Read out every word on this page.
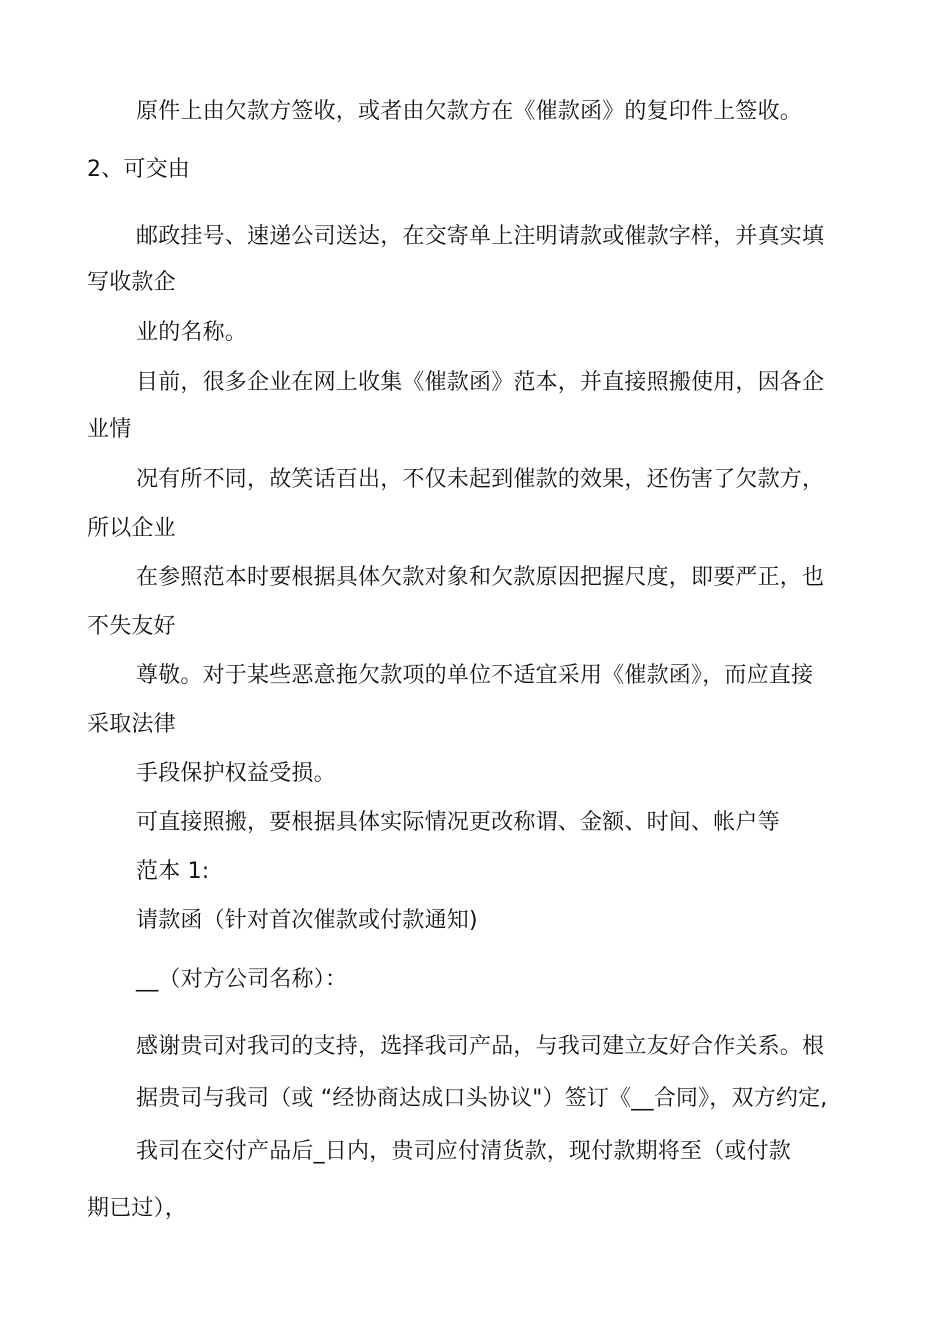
原件上由欠款方签收，或者由欠款方在《催款函》的复印件上签收。
2、可交由
邮政挂号、速递公司送达，在交寄单上注明请款或催款字样，并真实填
写收款企
业的名称。
目前，很多企业在网上收集《催款函》范本，并直接照搬使用，因各企
业情
况有所不同，故笑话百出，不仅未起到催款的效果，还伤害了欠款方，
所以企业
在参照范本时要根据具体欠款对象和欠款原因把握尺度，即要严正，也
不失友好
尊敬。对于某些恶意拖欠款项的单位不适宜采用《催款函》，而应直接
采取法律
手段保护权益受损。
可直接照搬，要根据具体实际情况更改称谓、金额、时间、帐户等
范本 1:
请款函（针对首次催款或付款通知)
__（对方公司名称）：
感谢贵司对我司的支持，选择我司产品，与我司建立友好合作关系。根
据贵司与我司（或 “经协商达成口头协议"）签订《__合同》，双方约定,
我司在交付产品后_日内，贵司应付清货款，现付款期将至（或付款
期已过），
